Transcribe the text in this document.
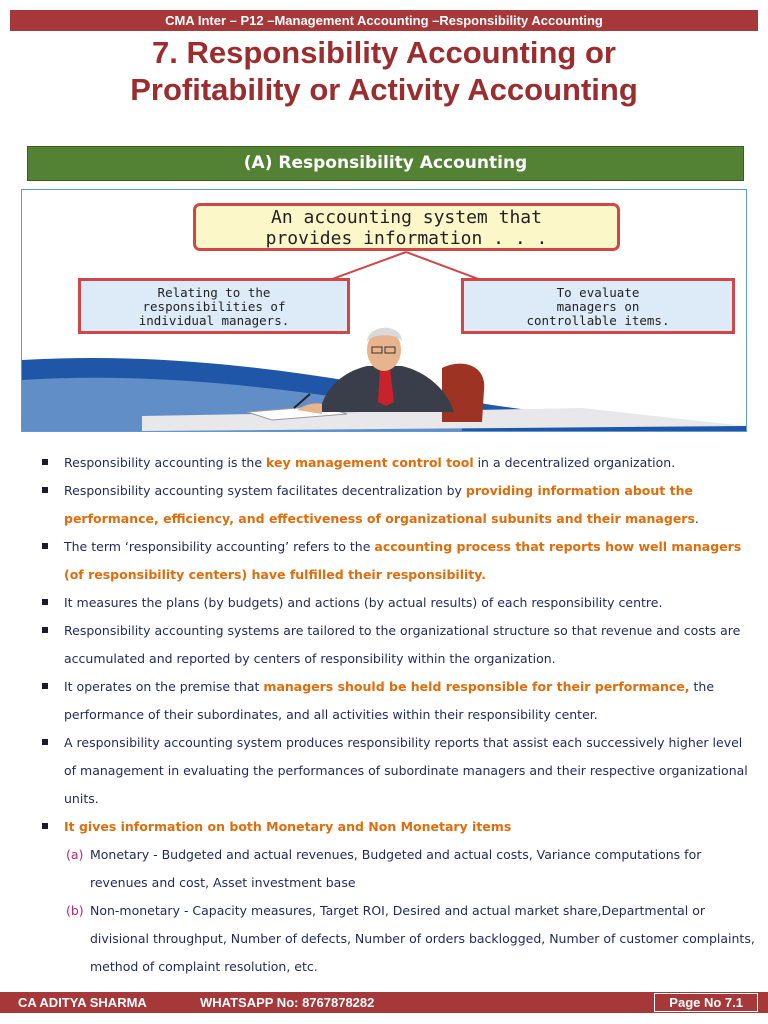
CMA Inter – P12 –Management Accounting –Responsibility Accounting
7. Responsibility Accounting or
Profitability or Activity Accounting
(A) Responsibility Accounting
An accounting system that
provides information . . .
Relating to the
responsibilities of
individual managers.
To evaluate
managers on
controllable items.
Responsibility accounting is the key management control tool in a decentralized organization.
Responsibility accounting system facilitates decentralization by providing information about the performance, efficiency, and effectiveness of organizational subunits and their managers.
The term ‘responsibility accounting’ refers to the accounting process that reports how well managers (of responsibility centers) have fulfilled their responsibility.
It measures the plans (by budgets) and actions (by actual results) of each responsibility centre.
Responsibility accounting systems are tailored to the organizational structure so that revenue and costs are accumulated and reported by centers of responsibility within the organization.
It operates on the premise that managers should be held responsible for their performance, the performance of their subordinates, and all activities within their responsibility center.
A responsibility accounting system produces responsibility reports that assist each successively higher level of management in evaluating the performances of subordinate managers and their respective organizational units.
It gives information on both Monetary and Non Monetary items
(a) Monetary - Budgeted and actual revenues, Budgeted and actual costs, Variance computations for revenues and cost, Asset investment base
(b) Non-monetary - Capacity measures, Target ROI, Desired and actual market share,Departmental or divisional throughput, Number of defects, Number of orders backlogged, Number of customer complaints, method of complaint resolution, etc.
CA ADITYA SHARMA	WHATSAPP No: 8767878282	Page No 7.1
